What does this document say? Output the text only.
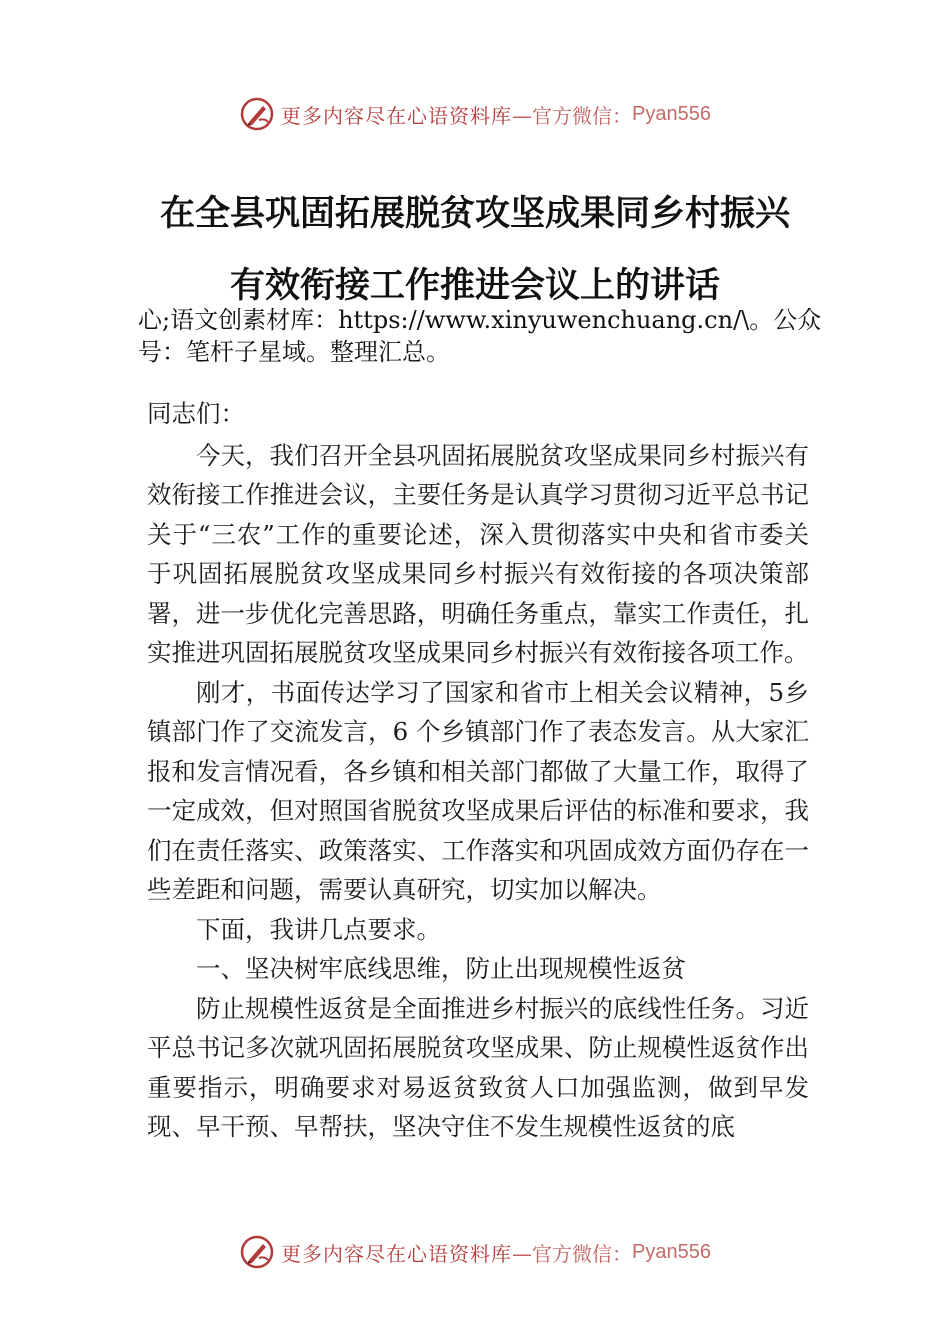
更多内容尽在心语资料库 —官方微信： Pyan556
在全县巩固拓展脱贫攻坚成果同乡村振兴
有效衔接工作推进会议上的讲话
心;语文创素材库：https://www.xinyuwenchuang.cn/\。公众号：笔杆子星域。整理汇总。

同志们：

今天，我们召开全县巩固拓展脱贫攻坚成果同乡村振兴有效衔接工作推进会议，主要任务是认真学习贯彻习近平总书记关于“三农”工作的重要论述，深入贯彻落实中央和省市委关于巩固拓展脱贫攻坚成果同乡村振兴有效衔接的各项决策部署，进一步优化完善思路，明确任务重点，靠实工作责任，扎实推进巩固拓展脱贫攻坚成果同乡村振兴有效衔接各项工作。

刚才，书面传达学习了国家和省市上相关会议精神，5乡镇部门作了交流发言，6 个乡镇部门作了表态发言。从大家汇报和发言情况看，各乡镇和相关部门都做了大量工作，取得了一定成效，但对照国省脱贫攻坚成果后评估的标准和要求，我们在责任落实、政策落实、工作落实和巩固成效方面仍存在一些差距和问题，需要认真研究，切实加以解决。

下面，我讲几点要求。

一、坚决树牢底线思维，防止出现规模性返贫

防止规模性返贫是全面推进乡村振兴的底线性任务。习近平总书记多次就巩固拓展脱贫攻坚成果、防止规模性返贫作出重要指示，明确要求对易返贫致贫人口加强监测，做到早发现、早干预、早帮扶，坚决守住不发生规模性返贫的底

更多内容尽在心语资料库 —官方微信： Pyan556
